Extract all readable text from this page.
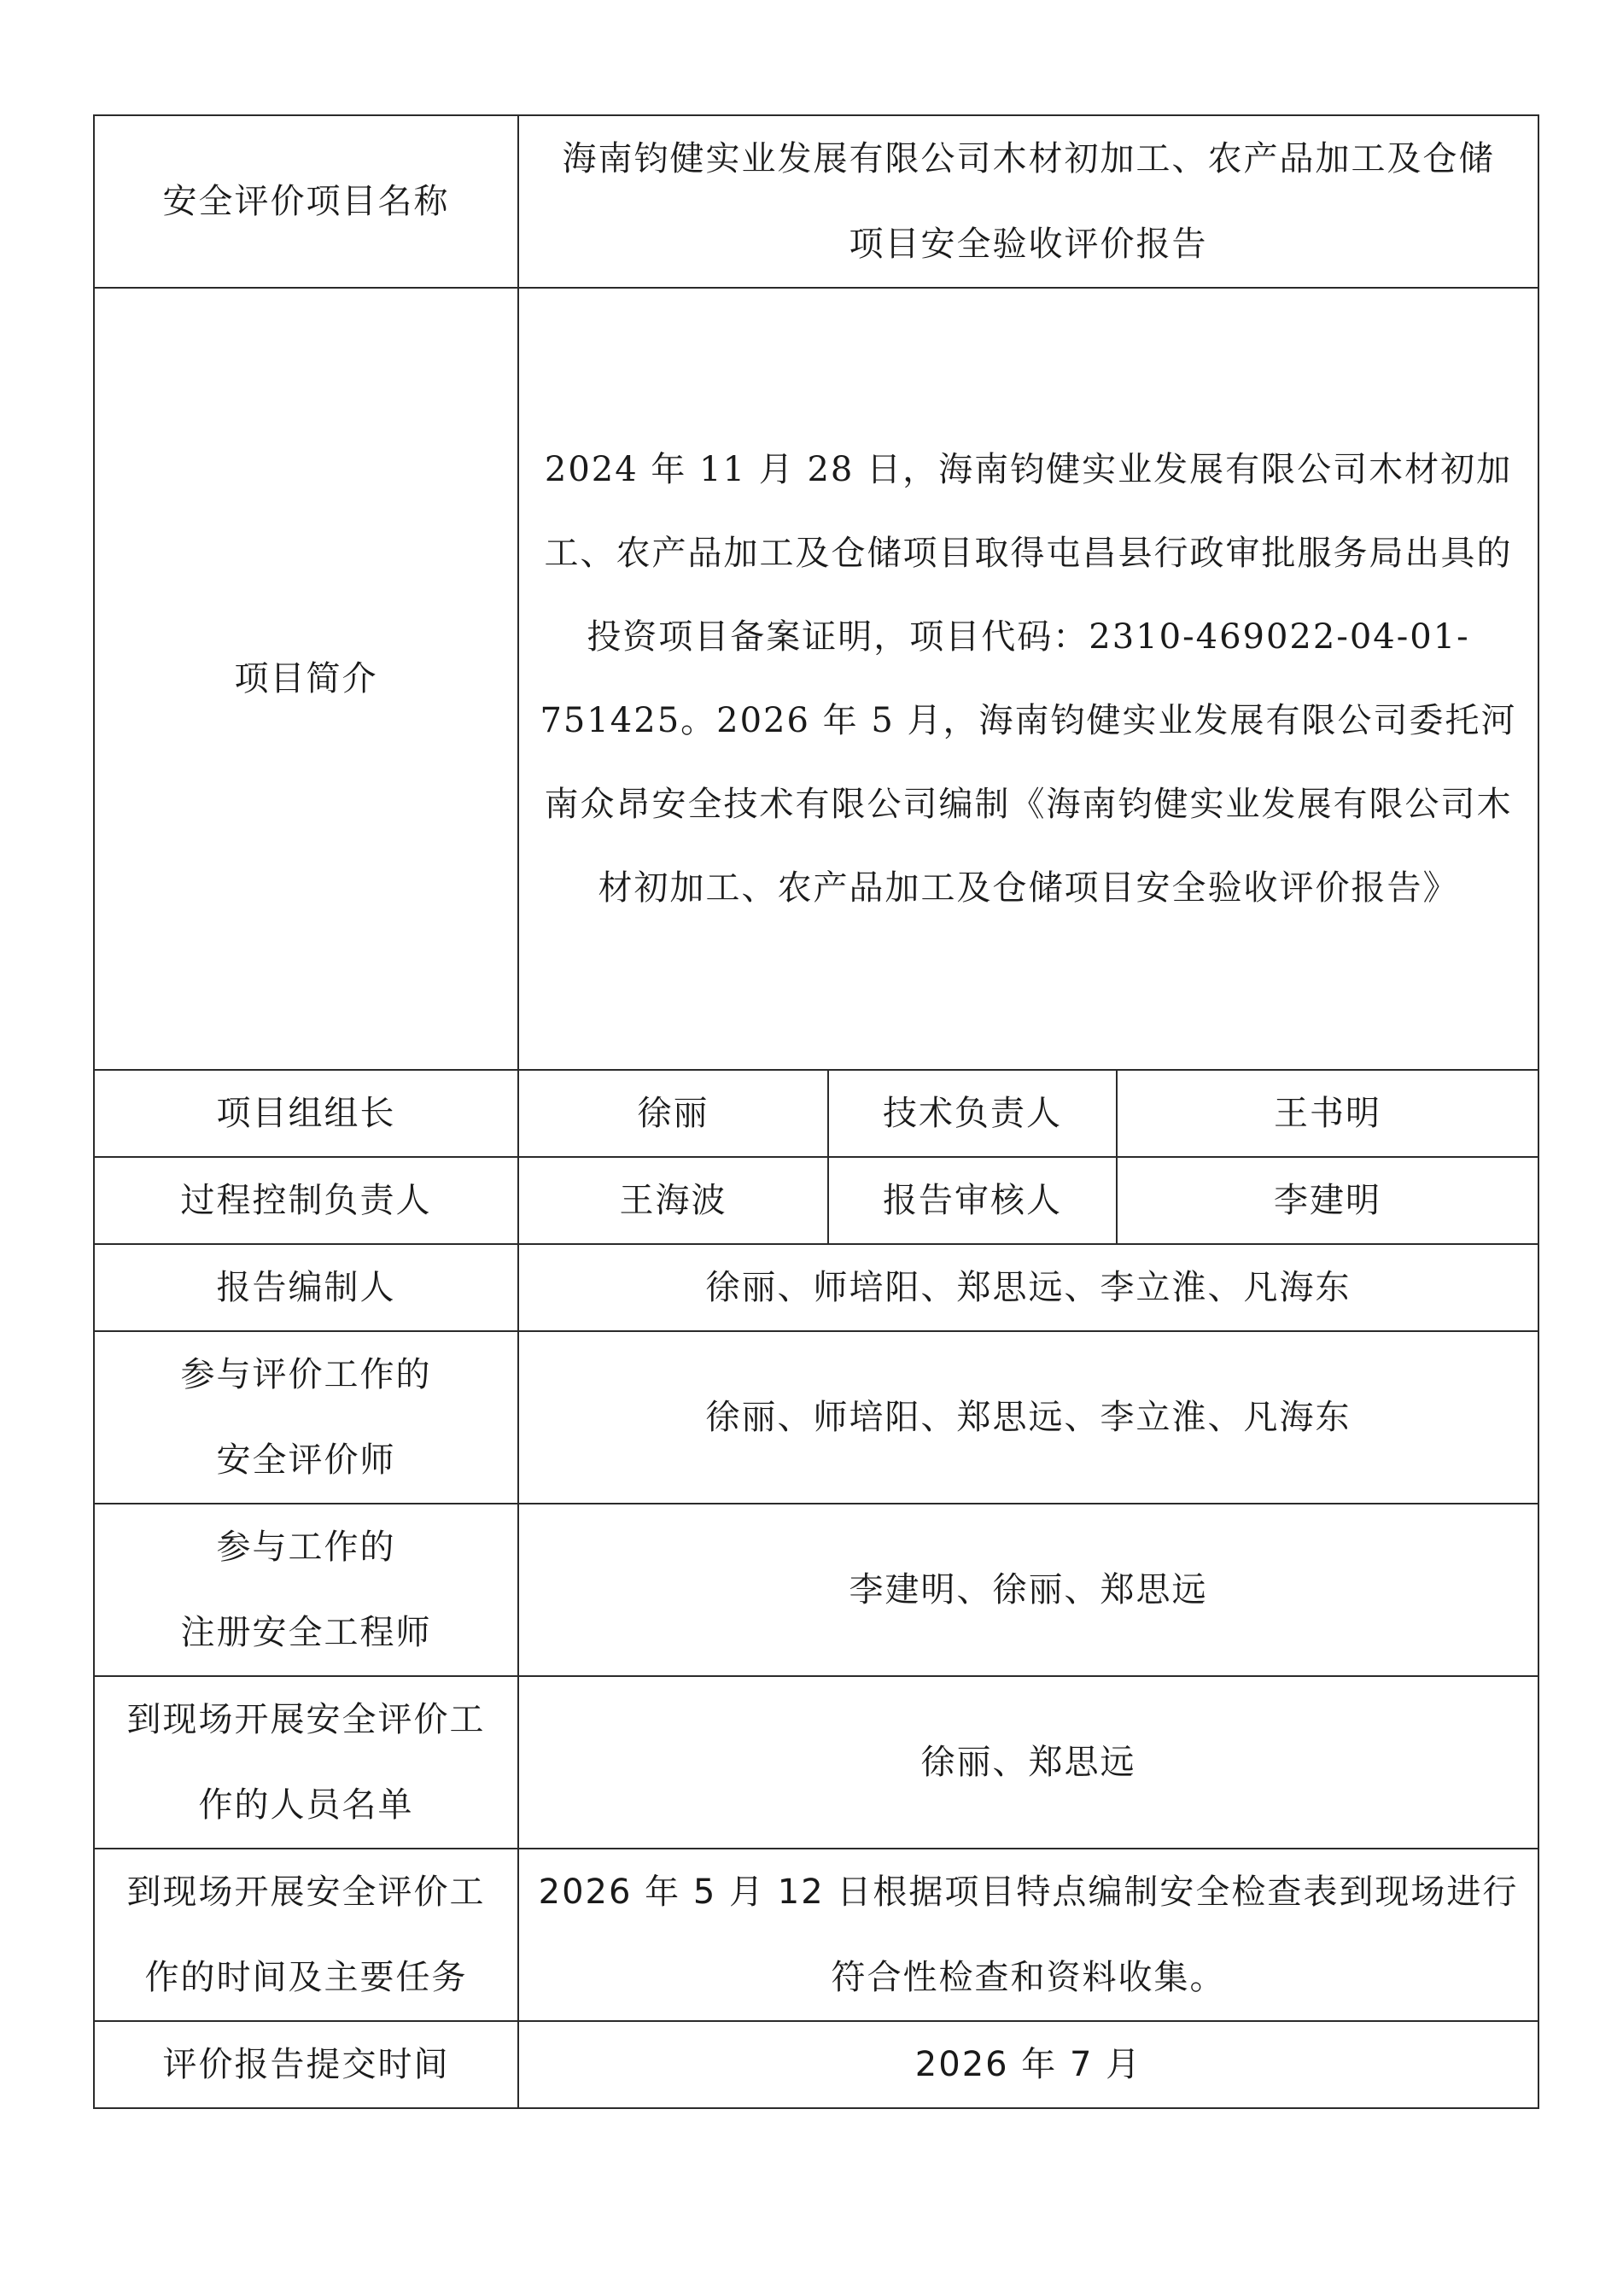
安全评价项目名称	海南钧健实业发展有限公司木材初加工、农产品加工及仓储
项目安全验收评价报告		

项目简介	2024 年 11 月 28 日，海南钧健实业发展有限公司木材初加工、农产品加工及仓储项目取得屯昌县行政审批服务局出具的投资项目备案证明，项目代码：2310-469022-04-01-751425。2026 年 5 月，海南钧健实业发展有限公司委托河南众昂安全技术有限公司编制《海南钧健实业发展有限公司木材初加工、农产品加工及仓储项目安全验收评价报告》		
项目组组长	徐丽	技术负责人	王书明
过程控制负责人	王海波	报告审核人	李建明
报告编制人	徐丽、师培阳、郑思远、李立淮、凡海东		

参与评价工作的
安全评价师	徐丽、师培阳、郑思远、李立淮、凡海东		

参与工作的
注册安全工程师	李建明、徐丽、郑思远		

到现场开展安全评价工
作的人员名单	徐丽、郑思远		

到现场开展安全评价工
作的时间及主要任务	2026 年 5 月 12 日根据项目特点编制安全检查表到现场进行
符合性检查和资料收集。		

评价报告提交时间	2026 年 7 月		
